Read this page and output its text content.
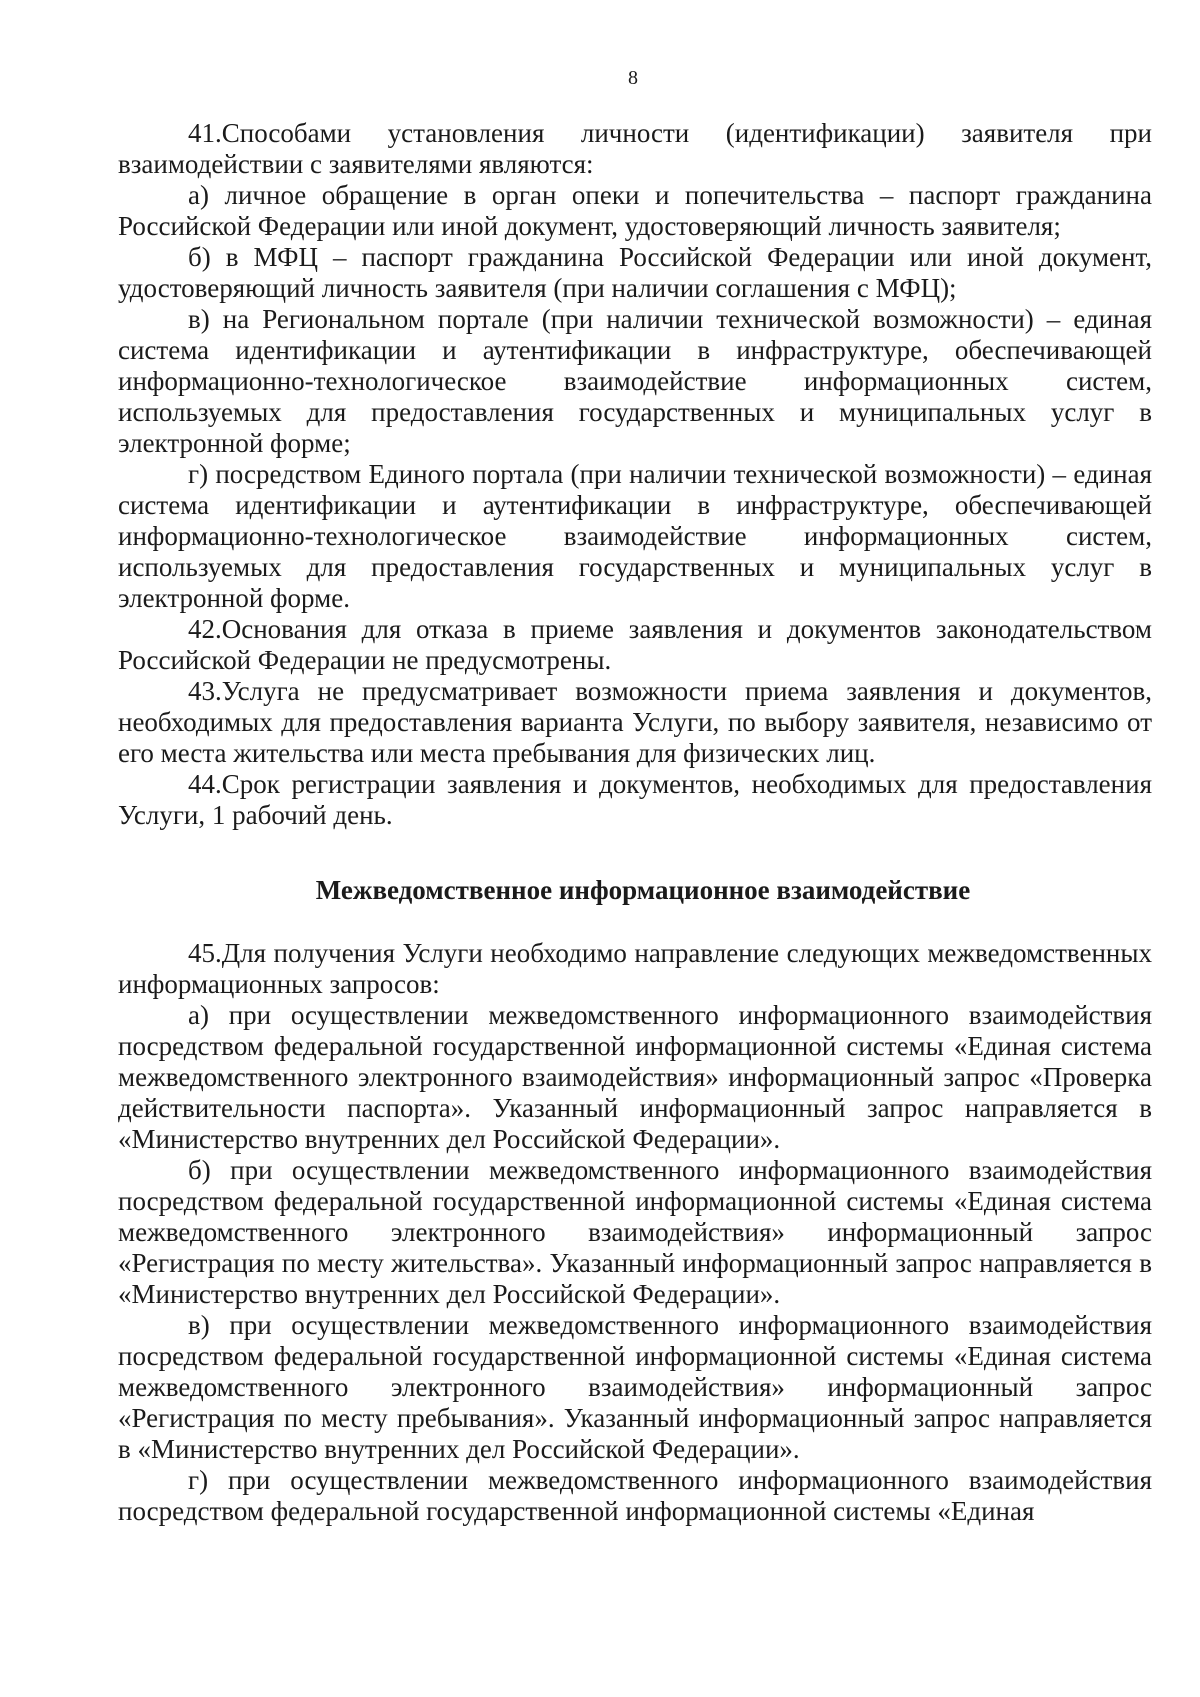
8

41.Способами установления личности (идентификации) заявителя при взаимодействии с заявителями являются:

а) личное обращение в орган опеки и попечительства – паспорт гражданина Российской Федерации или иной документ, удостоверяющий личность заявителя;

б) в МФЦ – паспорт гражданина Российской Федерации или иной документ, удостоверяющий личность заявителя (при наличии соглашения с МФЦ);

в) на Региональном портале (при наличии технической возможности) – единая система идентификации и аутентификации в инфраструктуре, обеспечивающей информационно-технологическое взаимодействие информационных систем, используемых для предоставления государственных и муниципальных услуг в электронной форме;

г) посредством Единого портала (при наличии технической возможности) – единая система идентификации и аутентификации в инфраструктуре, обеспечивающей информационно-технологическое взаимодействие информационных систем, используемых для предоставления государственных и муниципальных услуг в электронной форме.

42.Основания для отказа в приеме заявления и документов законодательством Российской Федерации не предусмотрены.

43.Услуга не предусматривает возможности приема заявления и документов, необходимых для предоставления варианта Услуги, по выбору заявителя, независимо от его места жительства или места пребывания для физических лиц.

44.Срок регистрации заявления и документов, необходимых для предоставления Услуги, 1 рабочий день.

Межведомственное информационное взаимодействие

45.Для получения Услуги необходимо направление следующих межведомственных информационных запросов:

а) при осуществлении межведомственного информационного взаимодействия посредством федеральной государственной информационной системы «Единая система межведомственного электронного взаимодействия» информационный запрос «Проверка действительности паспорта». Указанный информационный запрос направляется в «Министерство внутренних дел Российской Федерации».

б) при осуществлении межведомственного информационного взаимодействия посредством федеральной государственной информационной системы «Единая система межведомственного электронного взаимодействия» информационный запрос «Регистрация по месту жительства». Указанный информационный запрос направляется в «Министерство внутренних дел Российской Федерации».

в) при осуществлении межведомственного информационного взаимодействия посредством федеральной государственной информационной системы «Единая система межведомственного электронного взаимодействия» информационный запрос «Регистрация по месту пребывания». Указанный информационный запрос направляется в «Министерство внутренних дел Российской Федерации».

г) при осуществлении межведомственного информационного взаимодействия посредством федеральной государственной информационной системы «Единая
